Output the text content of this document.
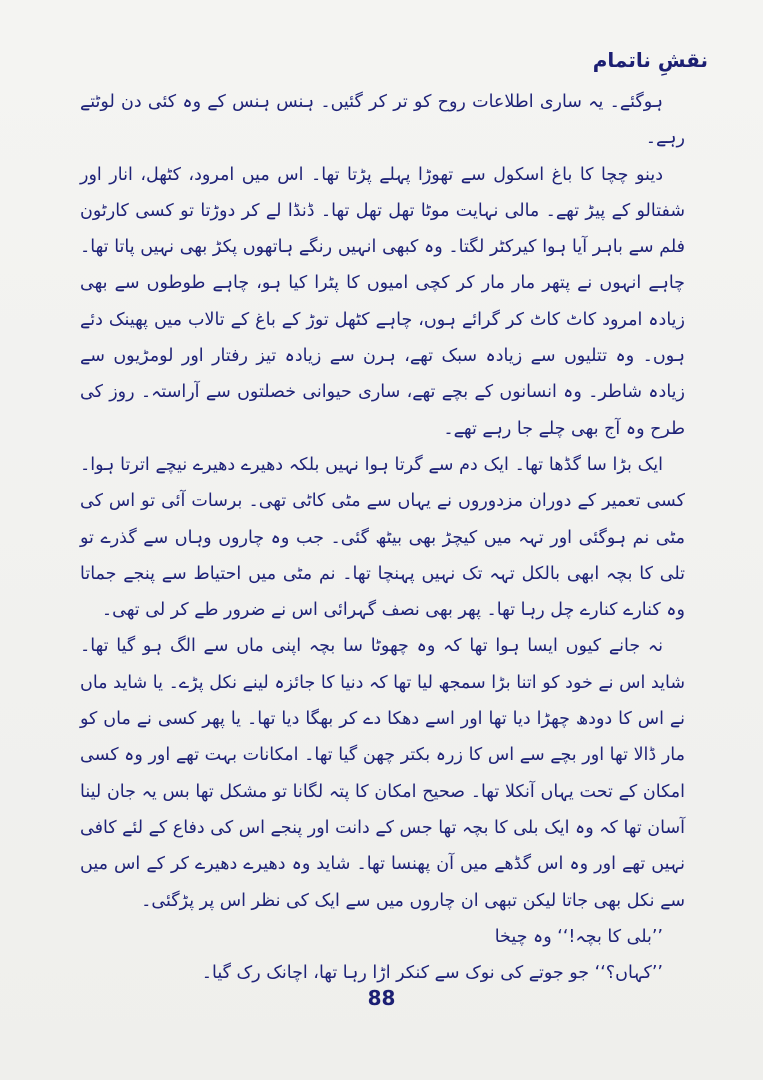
نقشِ ناتمام

ہوگئے۔ یہ ساری اطلاعات روح کو تر کر گئیں۔ ہنس ہنس کے وہ کئی دن لوٹتے رہے۔

دینو چچا کا باغ اسکول سے تھوڑا پہلے پڑتا تھا۔ اس میں امرود، کٹھل، انار اور شفتالو کے پیڑ تھے۔ مالی نہایت موٹا تھل تھل تھا۔ ڈنڈا لے کر دوڑتا تو کسی کارٹون فلم سے باہر آیا ہوا کیرکٹر لگتا۔ وہ کبھی انہیں رنگے ہاتھوں پکڑ بھی نہیں پاتا تھا۔ چاہے انہوں نے پتھر مار مار کر کچی امیوں کا پٹرا کیا ہو، چاہے طوطوں سے بھی زیادہ امرود کاٹ کاٹ کر گرائے ہوں، چاہے کٹھل توڑ کے باغ کے تالاب میں پھینک دئے ہوں۔ وہ تتلیوں سے زیادہ سبک تھے، ہرن سے زیادہ تیز رفتار اور لومڑیوں سے زیادہ شاطر۔ وہ انسانوں کے بچے تھے، ساری حیوانی خصلتوں سے آراستہ۔ روز کی طرح وہ آج بھی چلے جا رہے تھے۔

ایک بڑا سا گڈھا تھا۔ ایک دم سے گرتا ہوا نہیں بلکہ دھیرے دھیرے نیچے اترتا ہوا۔ کسی تعمیر کے دوران مزدوروں نے یہاں سے مٹی کاٹی تھی۔ برسات آئی تو اس کی مٹی نم ہوگئی اور تہہ میں کیچڑ بھی بیٹھ گئی۔ جب وہ چاروں وہاں سے گذرے تو تلی کا بچہ ابھی بالکل تہہ تک نہیں پہنچا تھا۔ نم مٹی میں احتیاط سے پنجے جماتا وہ کنارے کنارے چل رہا تھا۔ پھر بھی نصف گہرائی اس نے ضرور طے کر لی تھی۔

نہ جانے کیوں ایسا ہوا تھا کہ وہ چھوٹا سا بچہ اپنی ماں سے الگ ہو گیا تھا۔ شاید اس نے خود کو اتنا بڑا سمجھ لیا تھا کہ دنیا کا جائزہ لینے نکل پڑے۔ یا شاید ماں نے اس کا دودھ چھڑا دیا تھا اور اسے دھکا دے کر بھگا دیا تھا۔ یا پھر کسی نے ماں کو مار ڈالا تھا اور بچے سے اس کا زرہ بکتر چھن گیا تھا۔ امکانات بہت تھے اور وہ کسی امکان کے تحت یہاں آنکلا تھا۔ صحیح امکان کا پتہ لگانا تو مشکل تھا بس یہ جان لینا آسان تھا کہ وہ ایک بلی کا بچہ تھا جس کے دانت اور پنجے اس کی دفاع کے لئے کافی نہیں تھے اور وہ اس گڈھے میں آن پھنسا تھا۔ شاید وہ دھیرے دھیرے کر کے اس میں سے نکل بھی جاتا لیکن تبھی ان چاروں میں سے ایک کی نظر اس پر پڑگئی۔

’’بلی کا بچہ!‘‘ وہ چیخا

’’کہاں؟‘‘ جو جوتے کی نوک سے کنکر اڑا رہا تھا، اچانک رک گیا۔

88
